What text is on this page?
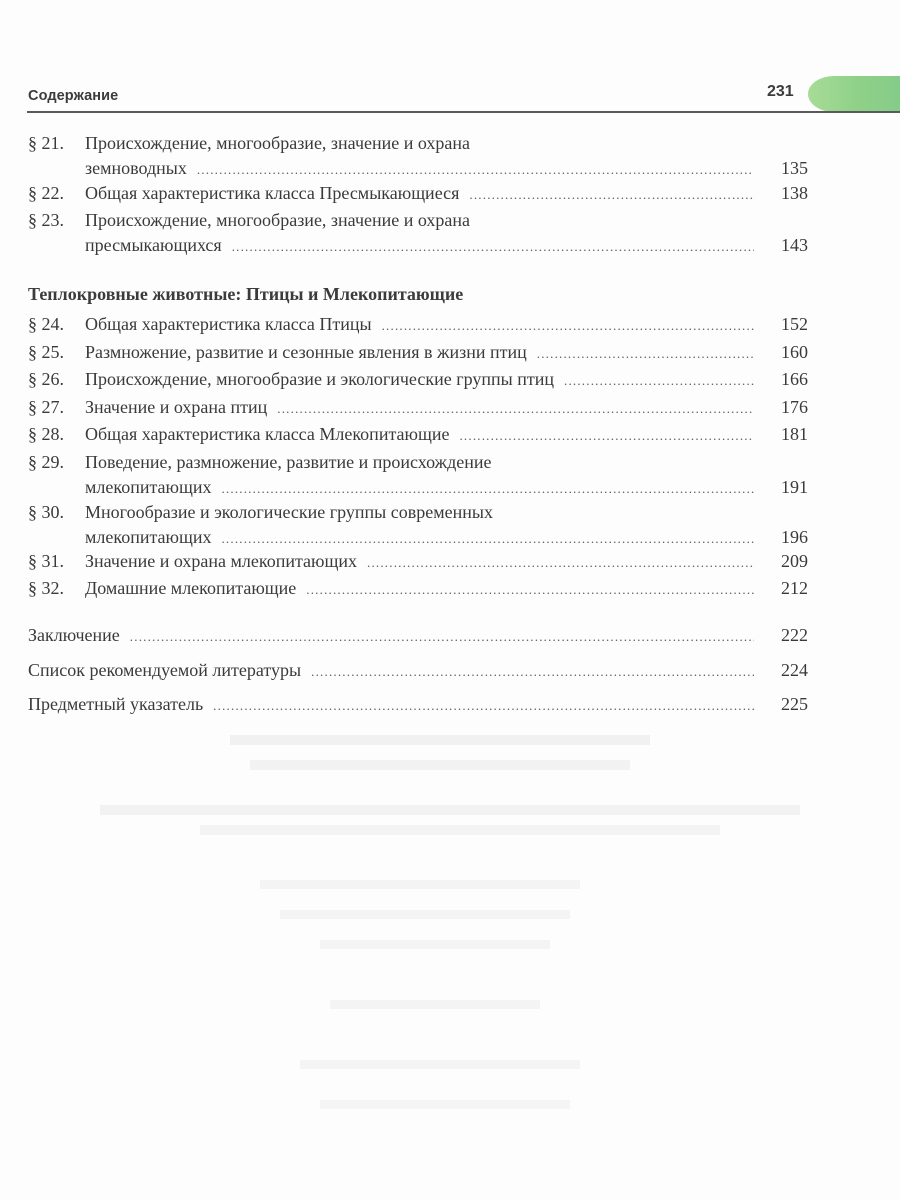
Содержание	231
§ 21.	Происхождение, многообразие, значение и охрана
земноводных .....	135
§ 22.	Общая характеристика класса Пресмыкающиеся .....	138
§ 23.	Происхождение, многообразие, значение и охрана
пресмыкающихся .....	143
Теплокровные животные: Птицы и Млекопитающие
§ 24.	Общая характеристика класса Птицы .....	152
§ 25.	Размножение, развитие и сезонные явления в жизни птиц .....	160
§ 26.	Происхождение, многообразие и экологические группы птиц .....	166
§ 27.	Значение и охрана птиц .....	176
§ 28.	Общая характеристика класса Млекопитающие .....	181
§ 29.	Поведение, размножение, развитие и происхождение
млекопитающих .....	191
§ 30.	Многообразие и экологические группы современных
млекопитающих .....	196
§ 31.	Значение и охрана млекопитающих .....	209
§ 32.	Домашние млекопитающие .....	212
Заключение .....	222
Список рекомендуемой литературы .....	224
Предметный указатель .....	225
